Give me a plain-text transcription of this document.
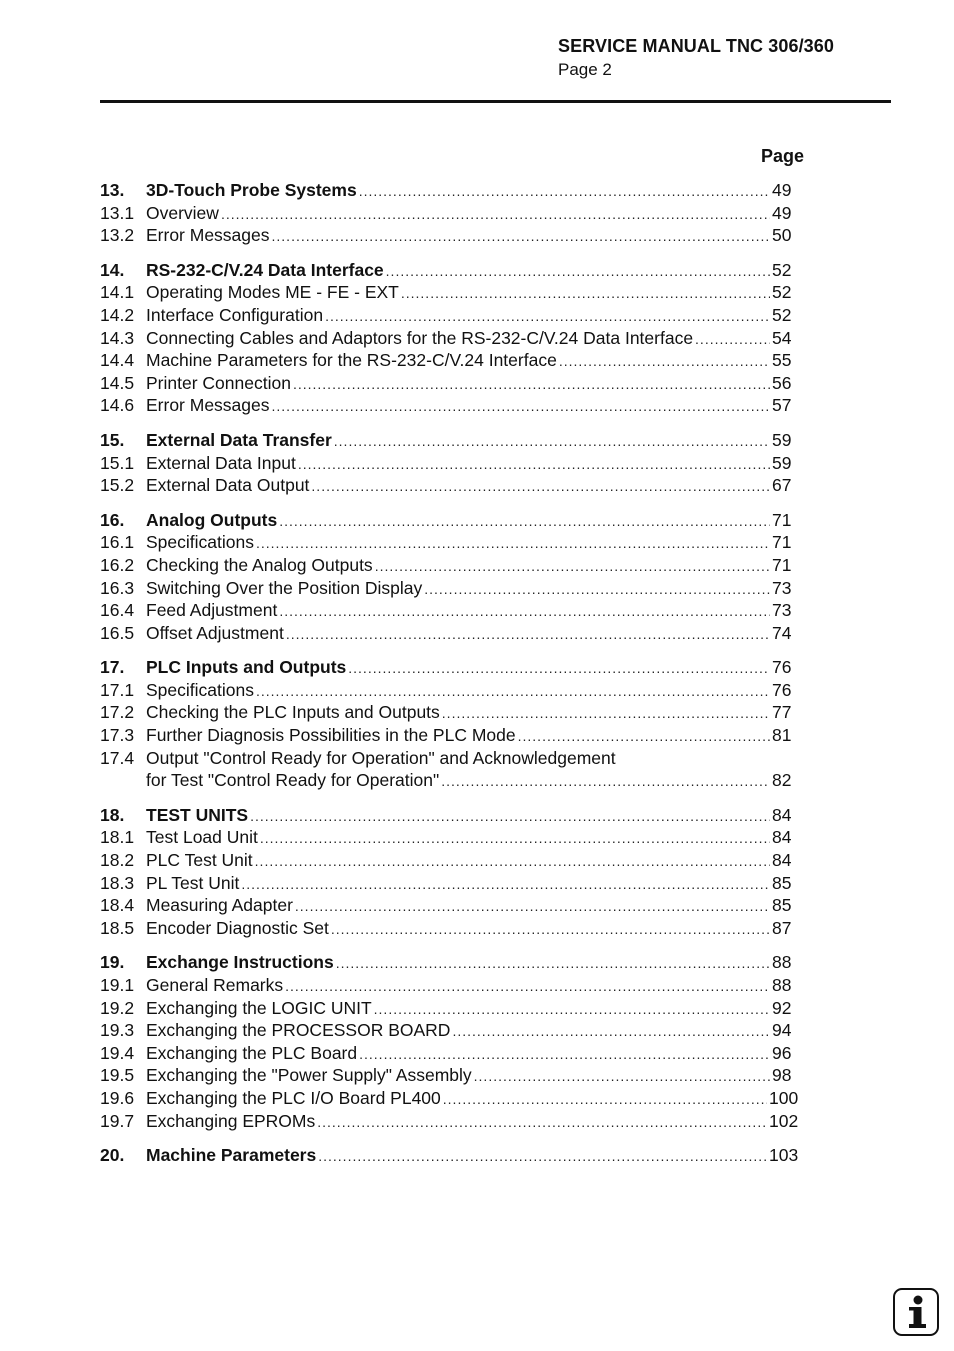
SERVICE MANUAL TNC 306/360
Page 2
Page
13.	3D-Touch Probe Systems .....	49
13.1 Overview .....	49
13.2 Error Messages .....	50
14.	RS-232-C/V.24 Data Interface .....	52
14.1 Operating Modes ME - FE - EXT .....	52
14.2 Interface Configuration .....	52
14.3 Connecting Cables and Adaptors for the RS-232-C/V.24 Data Interface .....	54
14.4 Machine Parameters for the RS-232-C/V.24 Interface .....	55
14.5 Printer Connection .....	56
14.6 Error Messages .....	57
15.	External Data Transfer .....	59
15.1 External Data Input .....	59
15.2 External Data Output .....	67
16.	Analog Outputs .....	71
16.1 Specifications .....	71
16.2 Checking the Analog Outputs .....	71
16.3 Switching Over the Position Display .....	73
16.4 Feed Adjustment .....	73
16.5 Offset Adjustment .....	74
17.	PLC Inputs and Outputs .....	76
17.1 Specifications .....	76
17.2 Checking the PLC Inputs and Outputs .....	77
17.3 Further Diagnosis Possibilities in the PLC Mode .....	81
17.4 Output "Control Ready for Operation" and Acknowledgement
for Test "Control Ready for Operation" .....	82
18.	TEST UNITS .....	84
18.1 Test Load Unit .....	84
18.2 PLC Test Unit .....	84
18.3 PL Test Unit .....	85
18.4 Measuring Adapter .....	85
18.5 Encoder Diagnostic Set .....	87
19.	Exchange Instructions .....	88
19.1 General Remarks .....	88
19.2 Exchanging the LOGIC UNIT .....	92
19.3 Exchanging the PROCESSOR BOARD .....	94
19.4 Exchanging the PLC Board .....	96
19.5 Exchanging the "Power Supply" Assembly .....	98
19.6 Exchanging the PLC I/O Board PL400 .....	100
19.7 Exchanging EPROMs .....	102
20.	Machine Parameters .....	103
